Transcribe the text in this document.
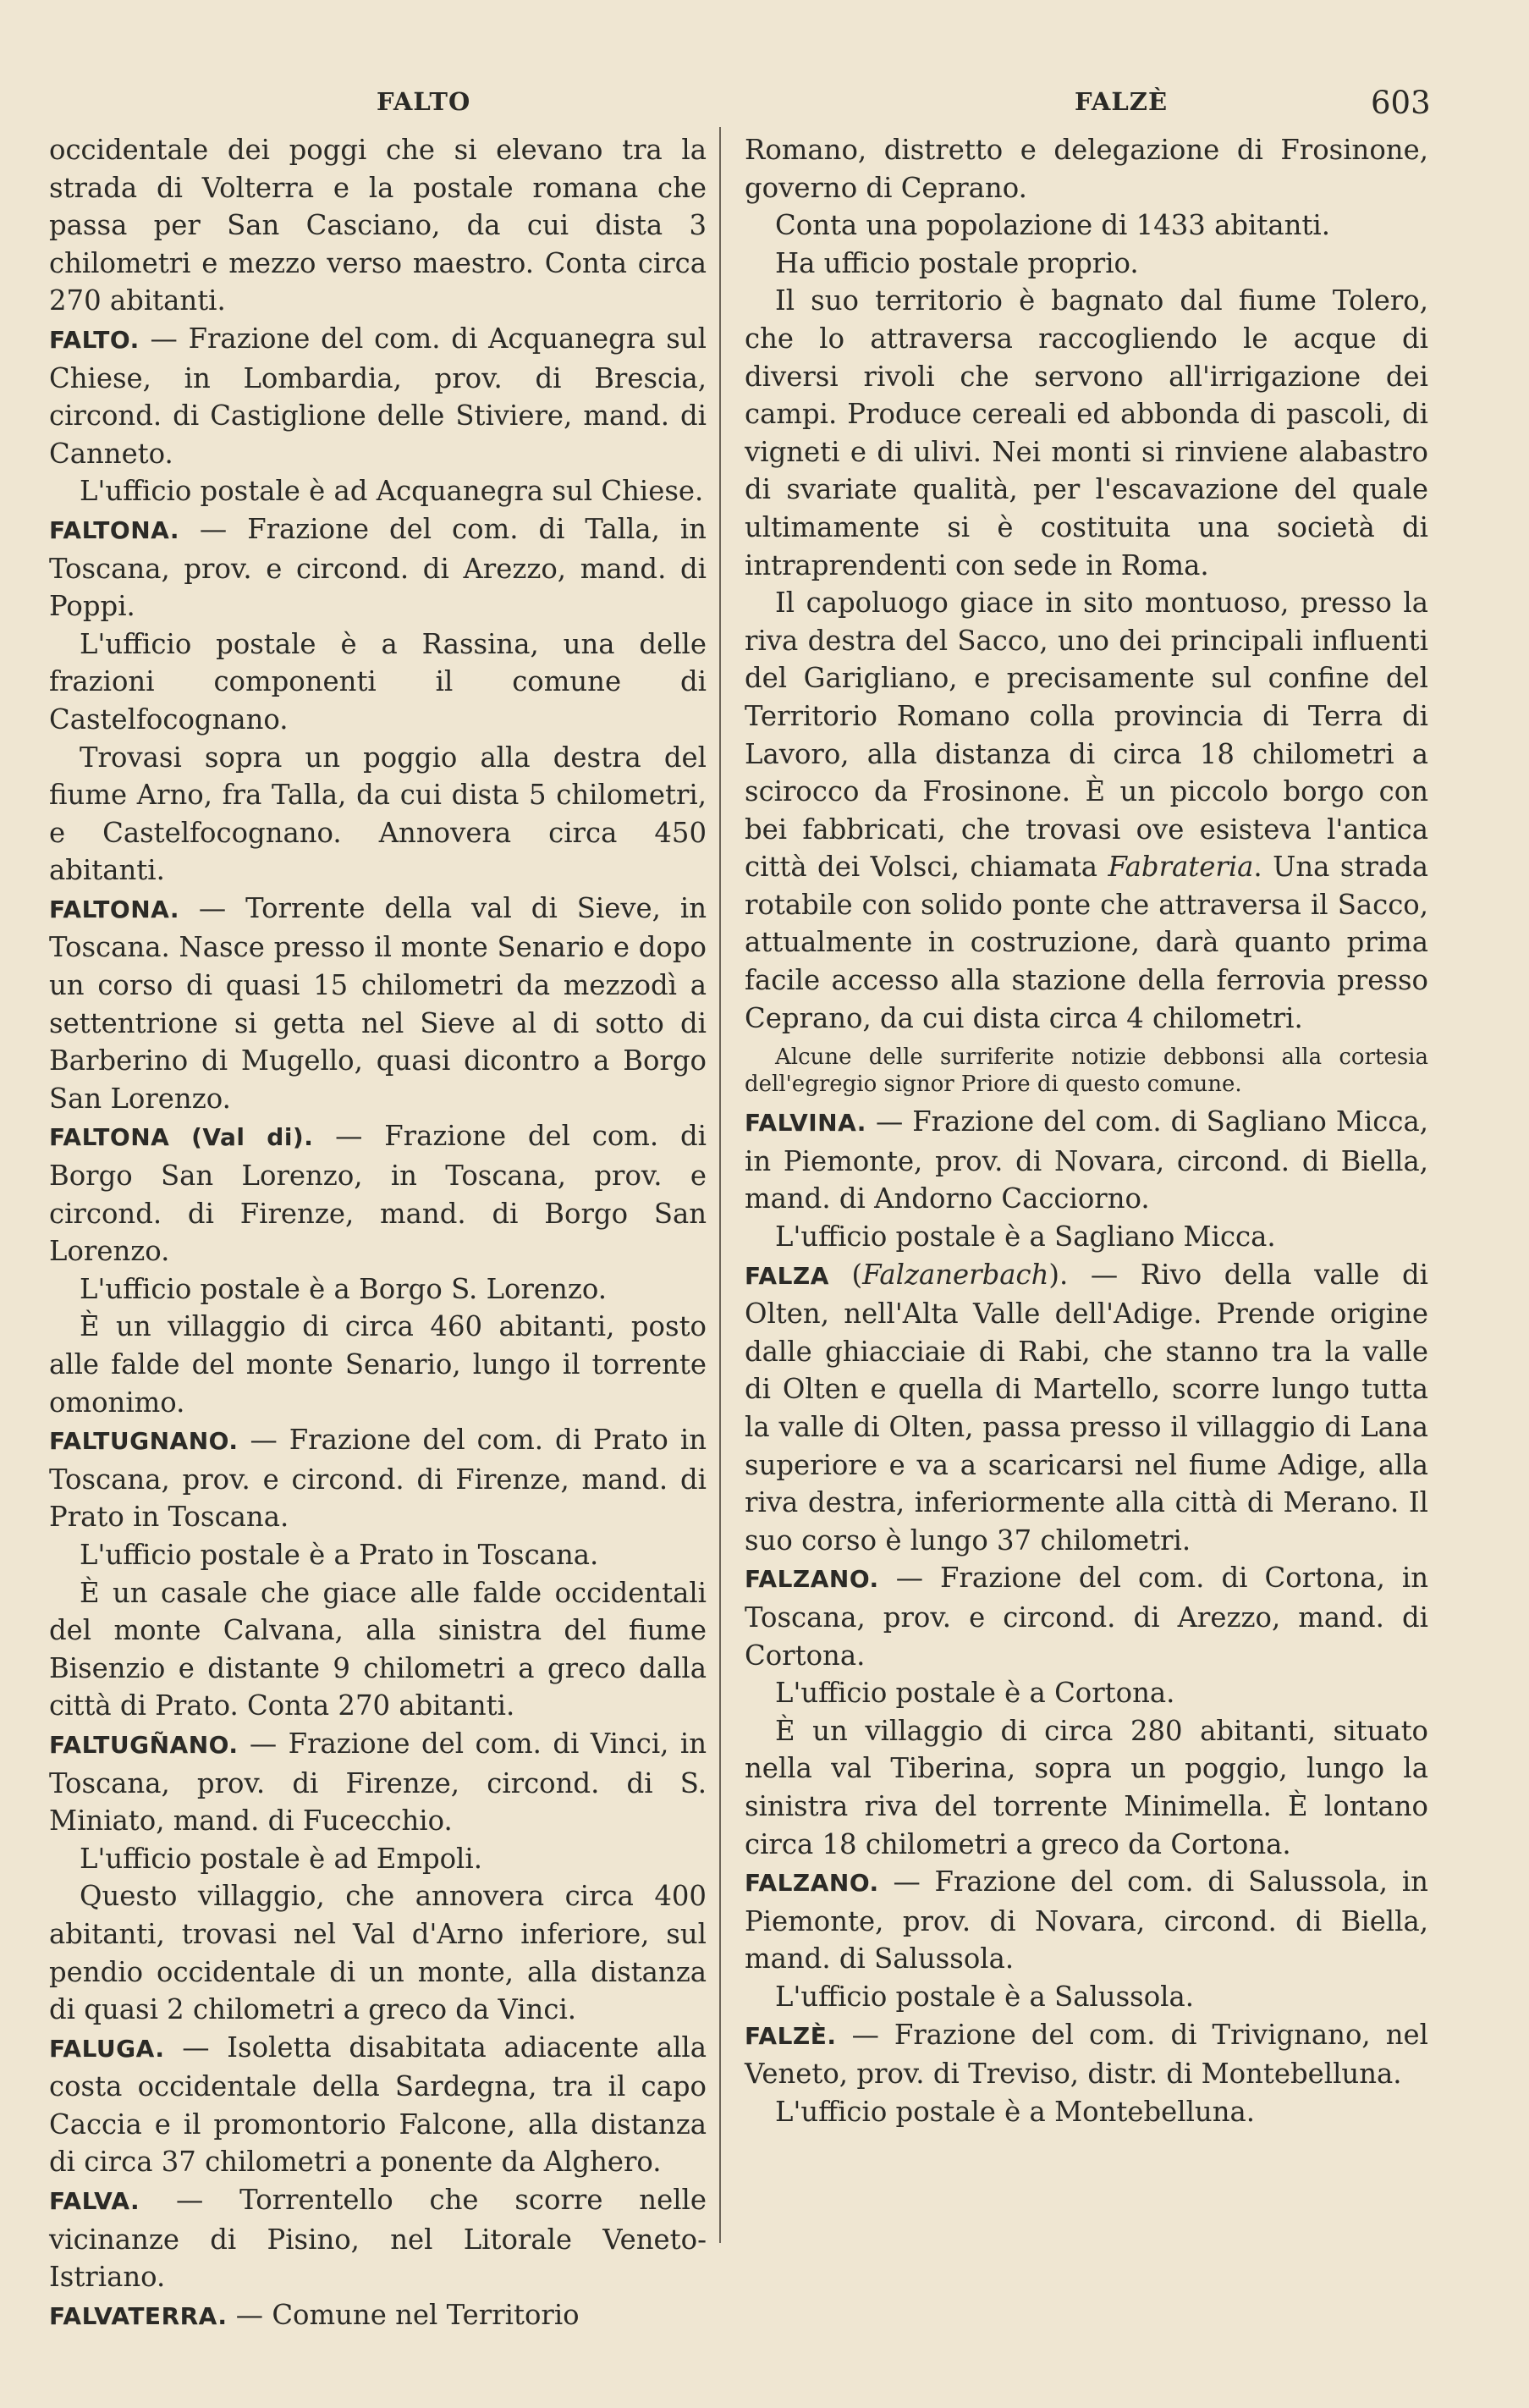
FALTO	FALZÈ	603

occidentale dei poggi che si elevano tra la strada di Volterra e la postale romana che passa per San Casciano, da cui dista 3 chilometri e mezzo verso maestro. Conta circa 270 abitanti.

FALTO. — Frazione del com. di Acquanegra sul Chiese, in Lombardia, prov. di Brescia, circond. di Castiglione delle Stiviere, mand. di Canneto.

L'ufficio postale è ad Acquanegra sul Chiese.

FALTONA. — Frazione del com. di Talla, in Toscana, prov. e circond. di Arezzo, mand. di Poppi.

L'ufficio postale è a Rassina, una delle frazioni componenti il comune di Castelfocognano.

Trovasi sopra un poggio alla destra del fiume Arno, fra Talla, da cui dista 5 chilometri, e Castelfocognano. Annovera circa 450 abitanti.

FALTONA. — Torrente della val di Sieve, in Toscana. Nasce presso il monte Senario e dopo un corso di quasi 15 chilometri da mezzodì a settentrione si getta nel Sieve al di sotto di Barberino di Mugello, quasi dicontro a Borgo San Lorenzo.

FALTONA (Val di). — Frazione del com. di Borgo San Lorenzo, in Toscana, prov. e circond. di Firenze, mand. di Borgo San Lorenzo.

L'ufficio postale è a Borgo S. Lorenzo.

È un villaggio di circa 460 abitanti, posto alle falde del monte Senario, lungo il torrente omonimo.

FALTUGNANO. — Frazione del com. di Prato in Toscana, prov. e circond. di Firenze, mand. di Prato in Toscana.

L'ufficio postale è a Prato in Toscana.

È un casale che giace alle falde occidentali del monte Calvana, alla sinistra del fiume Bisenzio e distante 9 chilometri a greco dalla città di Prato. Conta 270 abitanti.

FALTUGÑANO. — Frazione del com. di Vinci, in Toscana, prov. di Firenze, circond. di S. Miniato, mand. di Fucecchio.

L'ufficio postale è ad Empoli.

Questo villaggio, che annovera circa 400 abitanti, trovasi nel Val d'Arno inferiore, sul pendio occidentale di un monte, alla distanza di quasi 2 chilometri a greco da Vinci.

FALUGA. — Isoletta disabitata adiacente alla costa occidentale della Sardegna, tra il capo Caccia e il promontorio Falcone, alla distanza di circa 37 chilometri a ponente da Alghero.

FALVA. — Torrentello che scorre nelle vicinanze di Pisino, nel Litorale Veneto-Istriano.

FALVATERRA. — Comune nel Territorio

Romano, distretto e delegazione di Frosinone, governo di Ceprano.

Conta una popolazione di 1433 abitanti.

Ha ufficio postale proprio.

Il suo territorio è bagnato dal fiume Tolero, che lo attraversa raccogliendo le acque di diversi rivoli che servono all'irrigazione dei campi. Produce cereali ed abbonda di pascoli, di vigneti e di ulivi. Nei monti si rinviene alabastro di svariate qualità, per l'escavazione del quale ultimamente si è costituita una società di intraprendenti con sede in Roma.

Il capoluogo giace in sito montuoso, presso la riva destra del Sacco, uno dei principali influenti del Garigliano, e precisamente sul confine del Territorio Romano colla provincia di Terra di Lavoro, alla distanza di circa 18 chilometri a scirocco da Frosinone. È un piccolo borgo con bei fabbricati, che trovasi ove esisteva l'antica città dei Volsci, chiamata Fabrateria. Una strada rotabile con solido ponte che attraversa il Sacco, attualmente in costruzione, darà quanto prima facile accesso alla stazione della ferrovia presso Ceprano, da cui dista circa 4 chilometri.

Alcune delle surriferite notizie debbonsi alla cortesia dell'egregio signor Priore di questo comune.

FALVINA. — Frazione del com. di Sagliano Micca, in Piemonte, prov. di Novara, circond. di Biella, mand. di Andorno Cacciorno.

L'ufficio postale è a Sagliano Micca.

FALZA (Falzanerbach). — Rivo della valle di Olten, nell'Alta Valle dell'Adige. Prende origine dalle ghiacciaie di Rabi, che stanno tra la valle di Olten e quella di Martello, scorre lungo tutta la valle di Olten, passa presso il villaggio di Lana superiore e va a scaricarsi nel fiume Adige, alla riva destra, inferiormente alla città di Merano. Il suo corso è lungo 37 chilometri.

FALZANO. — Frazione del com. di Cortona, in Toscana, prov. e circond. di Arezzo, mand. di Cortona.

L'ufficio postale è a Cortona.

È un villaggio di circa 280 abitanti, situato nella val Tiberina, sopra un poggio, lungo la sinistra riva del torrente Minimella. È lontano circa 18 chilometri a greco da Cortona.

FALZANO. — Frazione del com. di Salussola, in Piemonte, prov. di Novara, circond. di Biella, mand. di Salussola.

L'ufficio postale è a Salussola.

FALZÈ. — Frazione del com. di Trivignano, nel Veneto, prov. di Treviso, distr. di Montebelluna.

L'ufficio postale è a Montebelluna.
